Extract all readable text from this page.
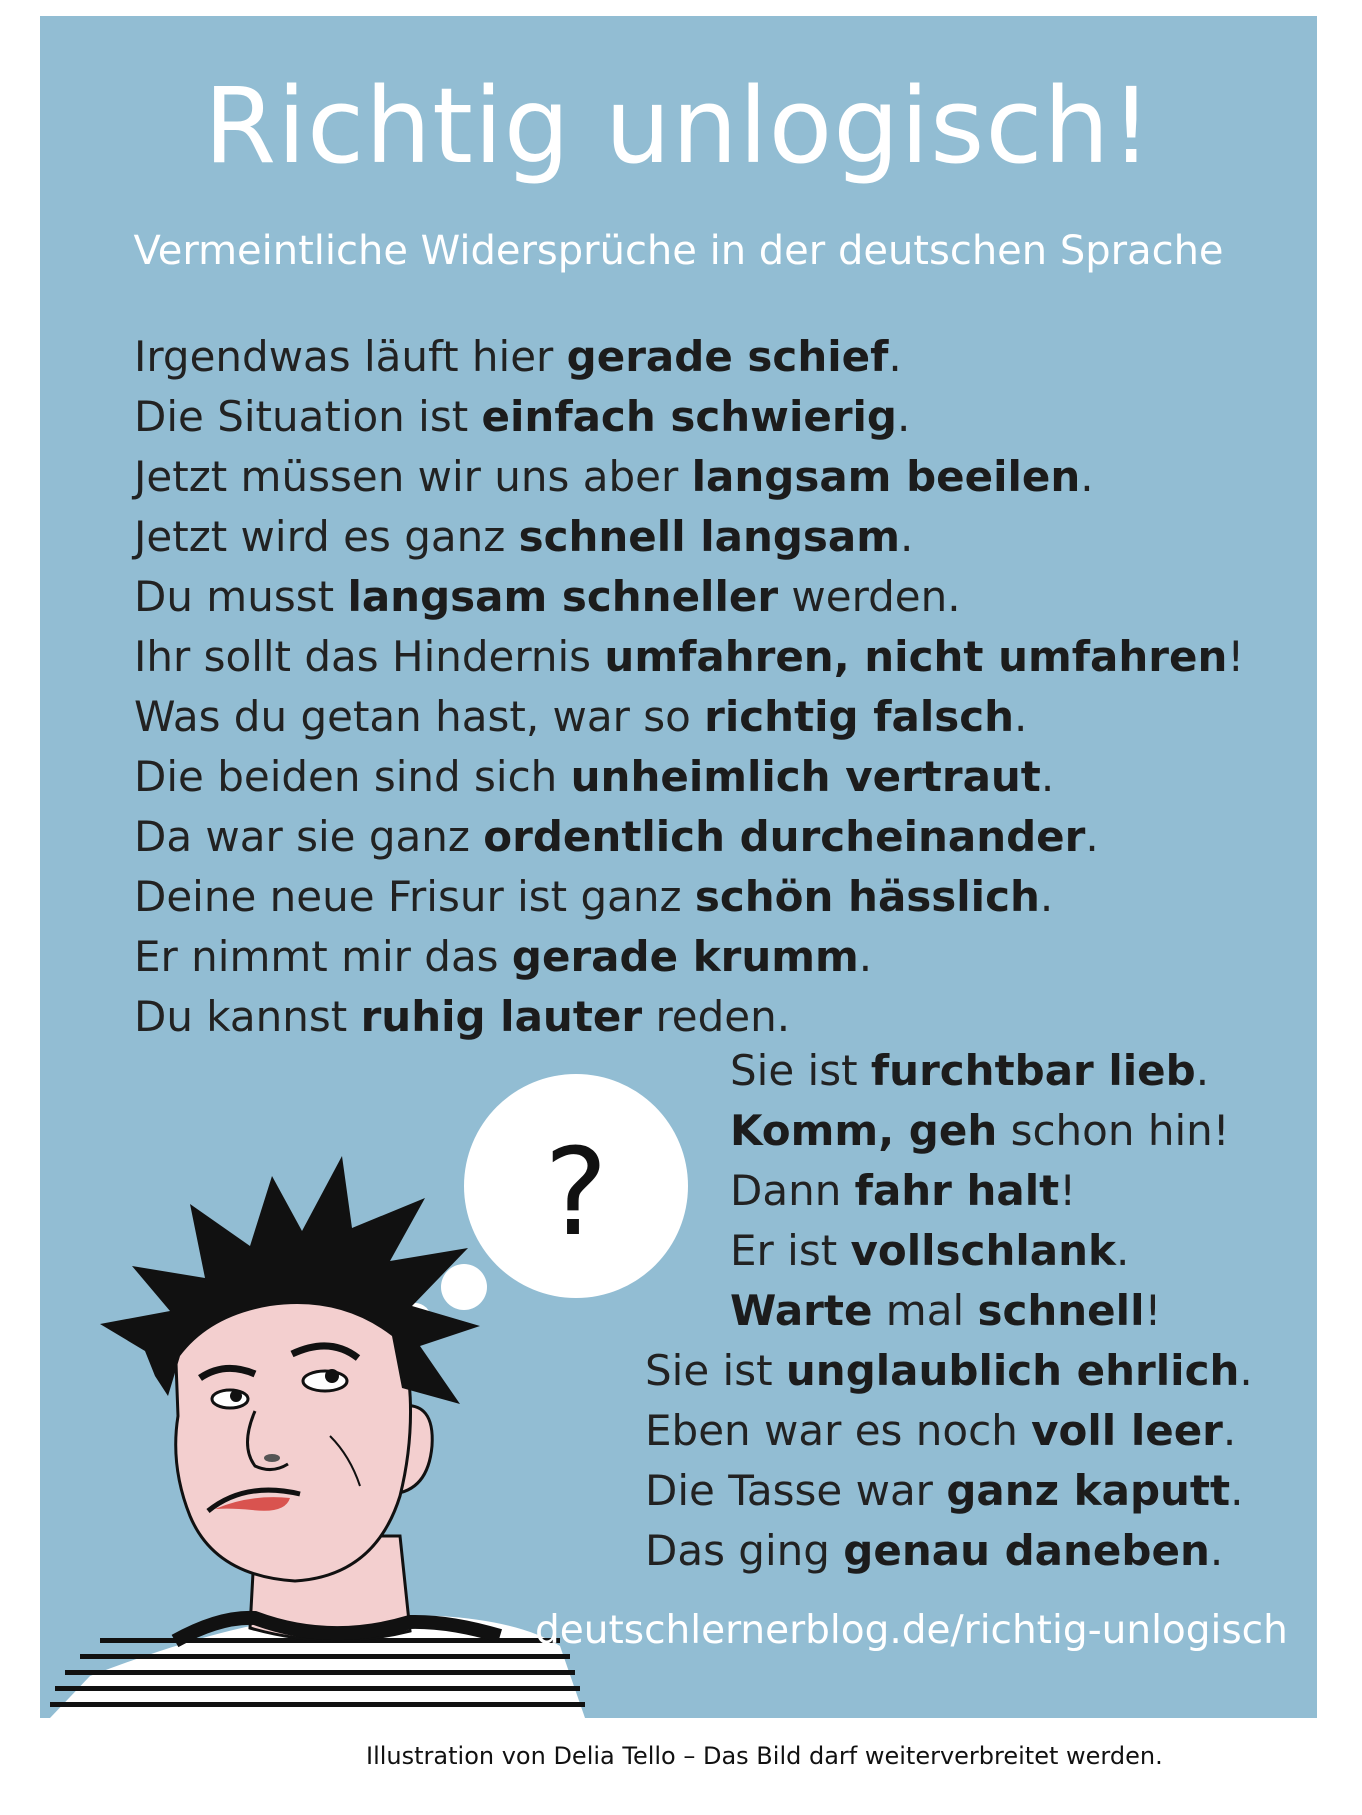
Richtig unlogisch!
Vermeintliche Widersprüche in der deutschen Sprache
Irgendwas läuft hier gerade schief.
Die Situation ist einfach schwierig.
Jetzt müssen wir uns aber langsam beeilen.
Jetzt wird es ganz schnell langsam.
Du musst langsam schneller werden.
Ihr sollt das Hindernis umfahren, nicht umfahren!
Was du getan hast, war so richtig falsch.
Die beiden sind sich unheimlich vertraut.
Da war sie ganz ordentlich durcheinander.
Deine neue Frisur ist ganz schön hässlich.
Er nimmt mir das gerade krumm.
Du kannst ruhig lauter reden.
?
Sie ist furchtbar lieb.
Komm, geh schon hin!
Dann fahr halt!
Er ist vollschlank.
Warte mal schnell!
Sie ist unglaublich ehrlich.
Eben war es noch voll leer.
Die Tasse war ganz kaputt.
Das ging genau daneben.
deutschlernerblog.de/richtig-unlogisch
Illustration von Delia Tello – Das Bild darf weiterverbreitet werden.
